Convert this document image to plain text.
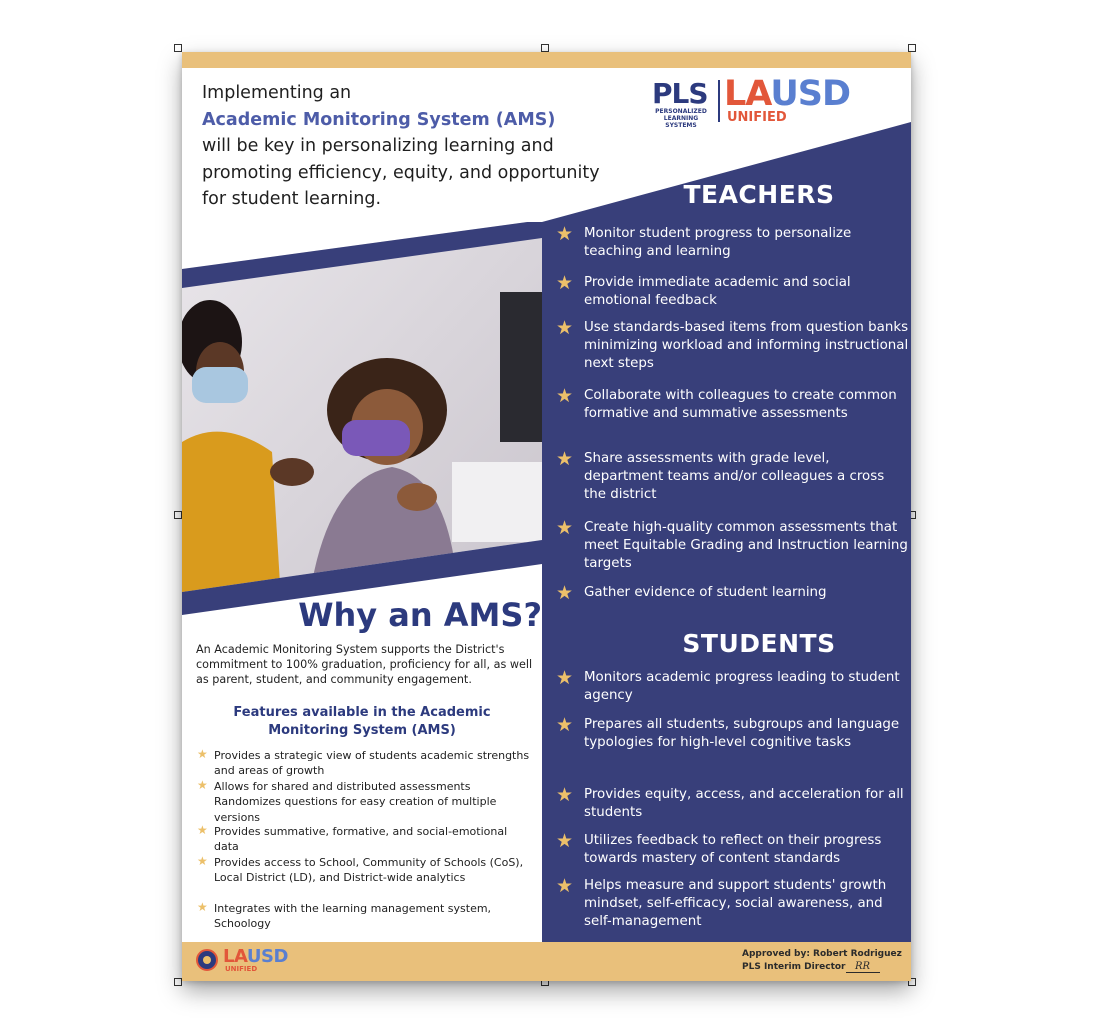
Implementing an
Academic Monitoring System (AMS)
will be key in personalizing learning and promoting efficiency, equity, and opportunity for student learning.
PLS
PERSONALIZED
LEARNING SYSTEMS
LAUSD
UNIFIED
TEACHERS
★ Monitor student progress to personalize teaching and learning
★ Provide immediate academic and social emotional feedback
★ Use standards-based items from question banks minimizing workload and informing instructional next steps
★ Collaborate with colleagues to create common formative and summative assessments
★ Share assessments with grade level, department teams and/or colleagues a cross the district
★ Create high-quality common assessments that meet Equitable Grading and Instruction learning targets
★ Gather evidence of student learning
STUDENTS
★ Monitors academic progress leading to student agency
★ Prepares all students, subgroups and language typologies for high-level cognitive tasks
★ Provides equity, access, and acceleration for all students
★ Utilizes feedback to reflect on their progress towards mastery of content standards
★ Helps measure and support students' growth mindset, self-efficacy, social awareness, and self-management
Why an AMS?
An Academic Monitoring System supports the District's commitment to 100% graduation, proficiency for all, as well as parent, student, and community engagement.
Features available in the Academic Monitoring System (AMS)
★ Provides a strategic view of students academic strengths and areas of growth
★ Allows for shared and distributed assessments Randomizes questions for easy creation of multiple versions
★ Provides summative, formative, and social-emotional data
★ Provides access to School, Community of Schools (CoS), Local District (LD), and District-wide analytics
★ Integrates with the learning management system, Schoology
LAUSD
UNIFIED
Approved by: Robert Rodriguez
PLS Interim Director RR
